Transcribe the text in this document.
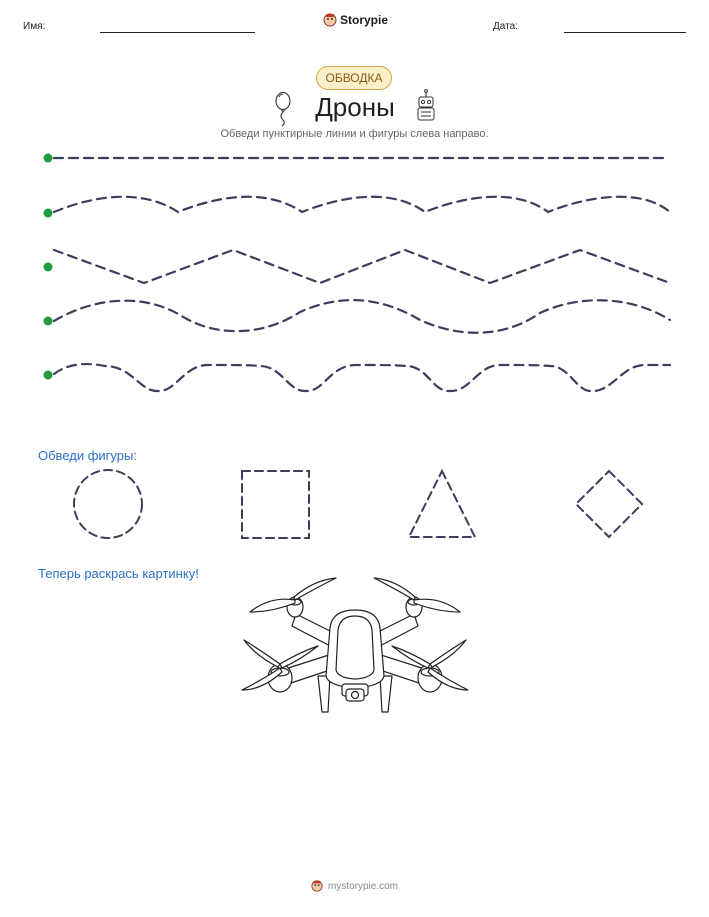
Имя:	Storypie	Дата:
ОБВОДКА
Дроны
Обведи пунктирные линии и фигуры слева направо.
Обведи фигуры:
Теперь раскрась картинку!
mystorypie.com
